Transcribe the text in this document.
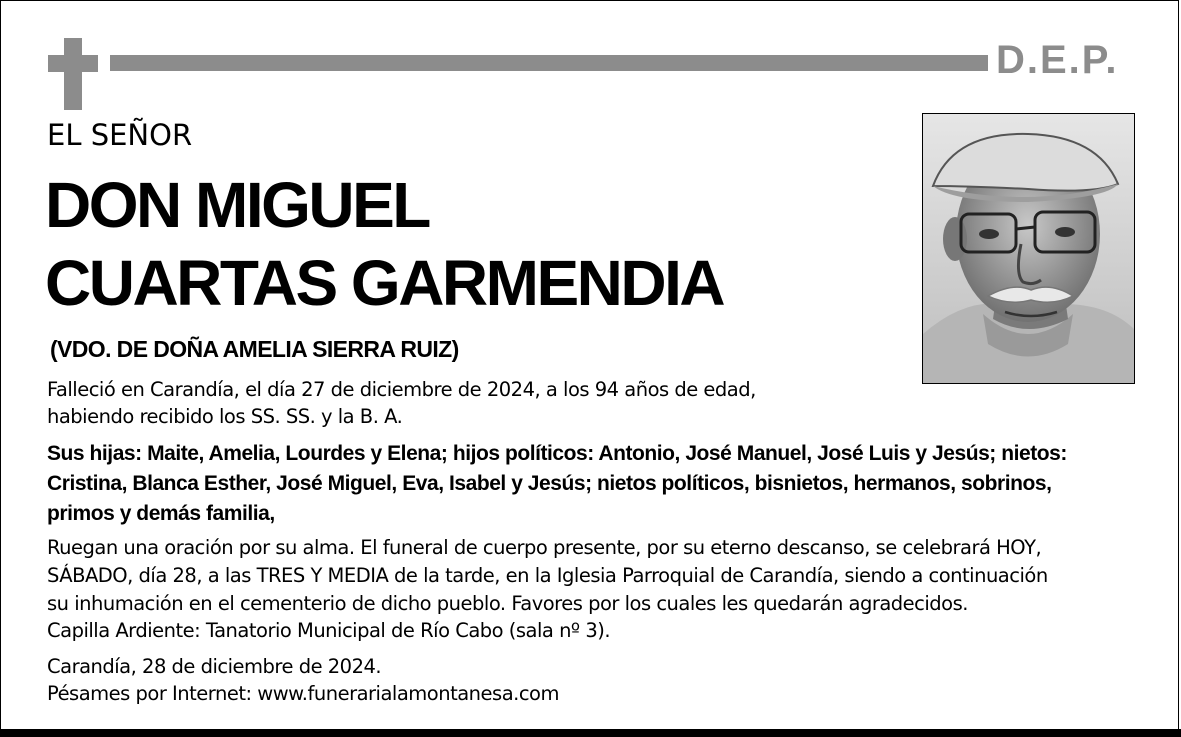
D.E.P.
EL SEÑOR
DON MIGUEL
CUARTAS GARMENDIA
(VDO. DE DOÑA AMELIA SIERRA RUIZ)
Falleció en Carandía, el día 27 de diciembre de 2024, a los 94 años de edad,
habiendo recibido los SS. SS. y la B. A.
Sus hijas: Maite, Amelia, Lourdes y Elena; hijos políticos: Antonio, José Manuel, José Luis y Jesús; nietos:
Cristina, Blanca Esther, José Miguel, Eva, Isabel y Jesús; nietos políticos, bisnietos, hermanos, sobrinos,
primos y demás familia,
Ruegan una oración por su alma. El funeral de cuerpo presente, por su eterno descanso, se celebrará HOY,
SÁBADO, día 28, a las TRES Y MEDIA de la tarde, en la Iglesia Parroquial de Carandía, siendo a continuación
su inhumación en el cementerio de dicho pueblo. Favores por los cuales les quedarán agradecidos.
Capilla Ardiente: Tanatorio Municipal de Río Cabo (sala nº 3).
Carandía, 28 de diciembre de 2024.
Pésames por Internet: www.funerarialamontanesa.com
